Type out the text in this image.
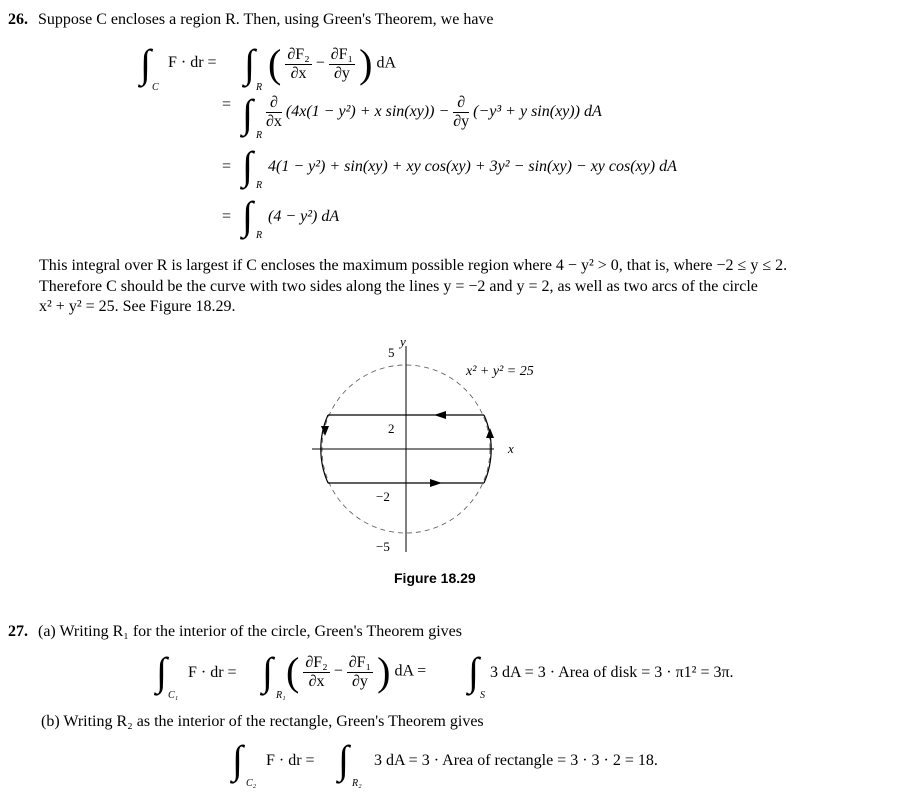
26. Suppose C encloses a region R. Then, using Green's Theorem, we have
∫
C
F · dr = ∫
R
( $\frac{\text{∂F₂}}{\partial x} - \frac{\text{∂F₁}}{\partial y}$ ) dA
= ∫ R
$\frac{\partial}{\partial x} (4x(1 - y^2) + x$ $\sin(xy)) - \frac{\partial}{\partial y} (-y^3 + y$ sin(xy)) dA
= ∫ R
4(1 − y²) + sin(xy) + xy cos(xy) + 3y² − sin(xy) − xy cos(xy) dA
= ∫ R
(4 − y²) dA
This integral over R is largest if C encloses the maximum possible region where 4 − y² > 0, that is, where −2 ≤ y ≤ 2.
Therefore C should be the curve with two sides along the lines y = −2 and y = 2, as well as two arcs of the circle
x² + y² = 25. See Figure 18.29.
y
x
5
2
−2
−5
x² + y² = 25
Figure 18.29
27. (a) Writing R₁ for the interior of the circle, Green's Theorem gives
∫
C₁
F · dr = ∫
R₁
( $\frac{\text{∂F₂}}{\partial x} - \frac{\text{∂F₁}}{\partial y}$ ) dA = ∫
S
3 dA = 3 · Area of disk = 3 · π1² = 3π.
(b) Writing R₂ as the interior of the rectangle, Green's Theorem gives
∫
C₂
F · dr = ∫
R₂
3 dA = 3 · Area of rectangle = 3 · 3 · 2 = 18.
